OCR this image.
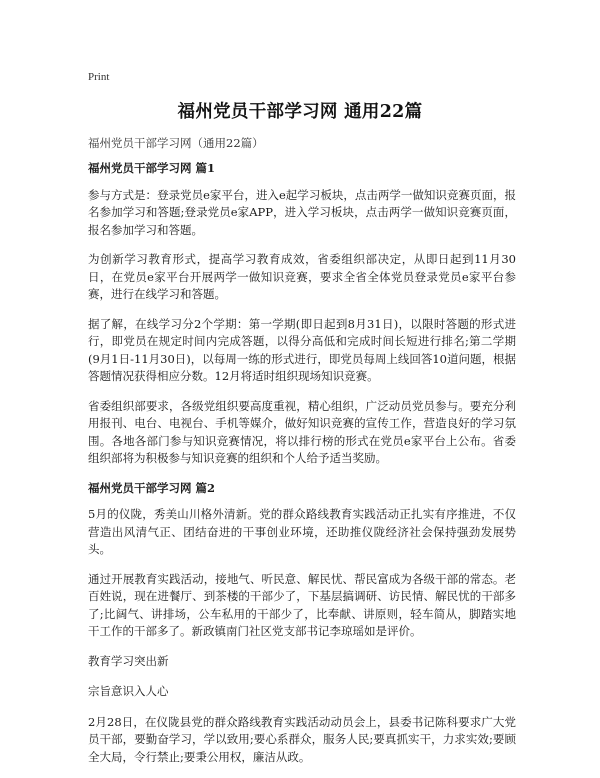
Print
福州党员干部学习网 通用22篇
福州党员干部学习网（通用22篇）
福州党员干部学习网 篇1

参与方式是：登录党员e家平台，进入e起学习板块，点击两学一做知识竞赛页面，报名参加学习和答题;登录党员e家APP，进入学习板块，点击两学一做知识竞赛页面，报名参加学习和答题。

为创新学习教育形式，提高学习教育成效，省委组织部决定，从即日起到11月30日，在党员e家平台开展两学一做知识竞赛，要求全省全体党员登录党员e家平台参赛，进行在线学习和答题。

据了解，在线学习分2个学期：第一学期(即日起到8月31日)，以限时答题的形式进行，即党员在规定时间内完成答题，以得分高低和完成时间长短进行排名;第二学期(9月1日-11月30日)，以每周一练的形式进行，即党员每周上线回答10道问题，根据答题情况获得相应分数。12月将适时组织现场知识竞赛。

省委组织部要求，各级党组织要高度重视，精心组织，广泛动员党员参与。要充分利用报刊、电台、电视台、手机等媒介，做好知识竞赛的宣传工作，营造良好的学习氛围。各地各部门参与知识竞赛情况，将以排行榜的形式在党员e家平台上公布。省委组织部将为积极参与知识竞赛的组织和个人给予适当奖励。

福州党员干部学习网 篇2

5月的仪陇，秀美山川格外清新。党的群众路线教育实践活动正扎实有序推进，不仅营造出风清气正、团结奋进的干事创业环境，还助推仪陇经济社会保持强劲发展势头。

通过开展教育实践活动，接地气、听民意、解民忧、帮民富成为各级干部的常态。老百姓说，现在进餐厅、到茶楼的干部少了，下基层搞调研、访民情、解民忧的干部多了;比阔气、讲排场，公车私用的干部少了，比奉献、讲原则，轻车简从，脚踏实地干工作的干部多了。新政镇南门社区党支部书记李琼瑶如是评价。

教育学习突出新

宗旨意识入人心

2月28日，在仪陇县党的群众路线教育实践活动动员会上，县委书记陈科要求广大党员干部，要勤奋学习，学以致用;要心系群众，服务人民;要真抓实干，力求实效;要顾全大局，令行禁止;要秉公用权，廉洁从政。
